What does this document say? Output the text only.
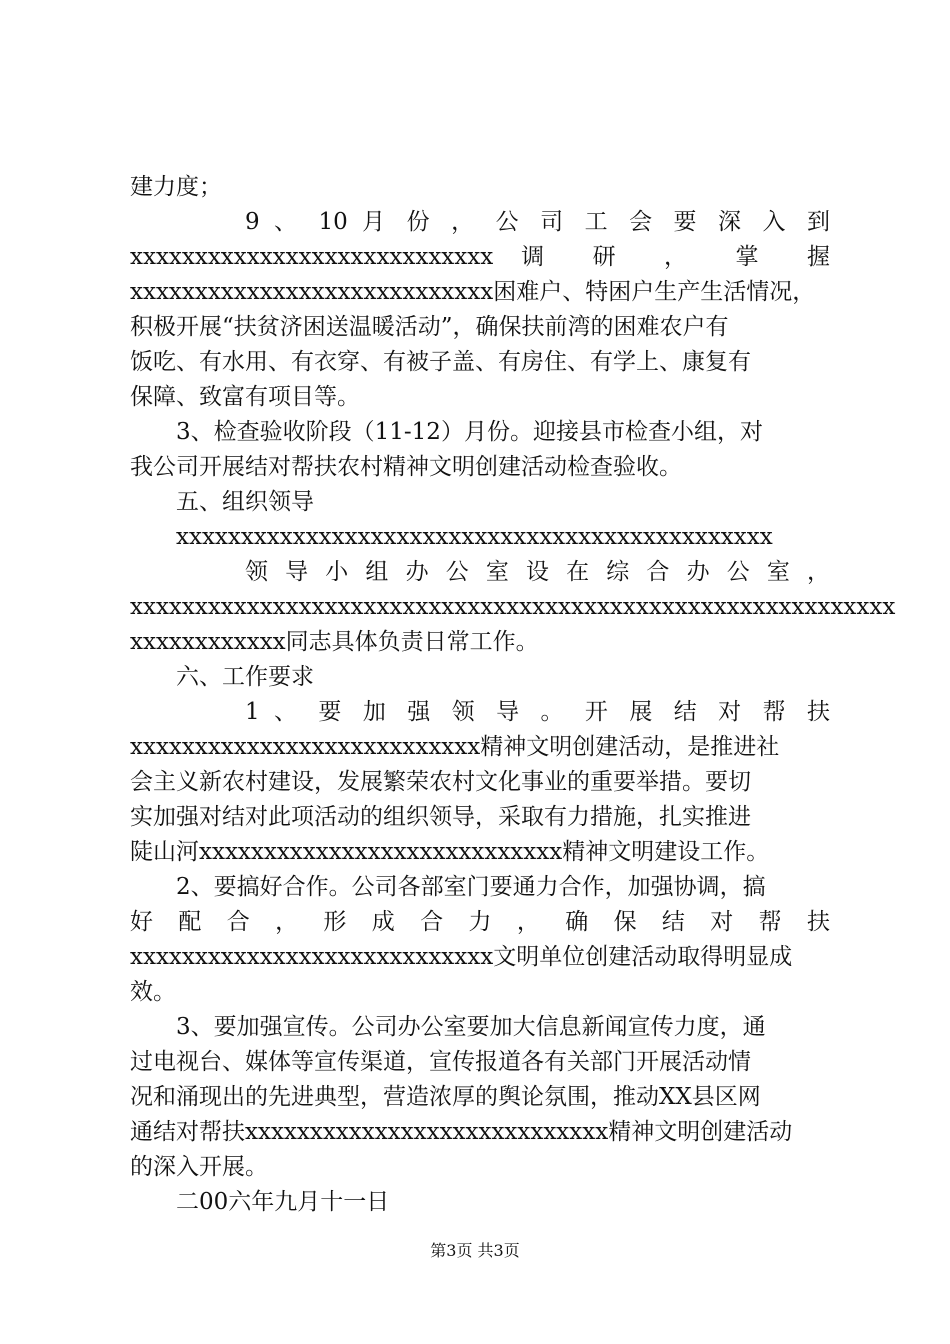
建力度；
9 、 10 月 份 ， 公 司 工 会 要 深 入 到
xxxxxxxxxxxxxxxxxxxxxxxxxxxx 调 研 ， 掌 握
xxxxxxxxxxxxxxxxxxxxxxxxxxxx困难户、特困户生产生活情况，
积极开展“扶贫济困送温暖活动”，确保扶前湾的困难农户有
饭吃、有水用、有衣穿、有被子盖、有房住、有学上、康复有
保障、致富有项目等。
3、检查验收阶段（11-12）月份。迎接县市检查小组，对
我公司开展结对帮扶农村精神文明创建活动检查验收。
五、组织领导
xxxxxxxxxxxxxxxxxxxxxxxxxxxxxxxxxxxxxxxxxxxxxx
领 导 小 组 办 公 室 设 在 综 合 办 公 室 ，
xxxxxxxxxxxxxxxxxxxxxxxxxxxxxxxxxxxxxxxxxxxxxxxxxxxxxxxxxxx
xxxxxxxxxxxx同志具体负责日常工作。
六、工作要求
1 、 要 加 强 领 导 。 开 展 结 对 帮 扶
xxxxxxxxxxxxxxxxxxxxxxxxxxx精神文明创建活动，是推进社
会主义新农村建设，发展繁荣农村文化事业的重要举措。要切
实加强对结对此项活动的组织领导，采取有力措施，扎实推进
陡山河xxxxxxxxxxxxxxxxxxxxxxxxxxxx精神文明建设工作。
2、要搞好合作。公司各部室门要通力合作，加强协调，搞
好 配 合 ， 形 成 合 力 ， 确 保 结 对 帮 扶
xxxxxxxxxxxxxxxxxxxxxxxxxxxx文明单位创建活动取得明显成
效。
3、要加强宣传。公司办公室要加大信息新闻宣传力度，通
过电视台、媒体等宣传渠道，宣传报道各有关部门开展活动情
况和涌现出的先进典型，营造浓厚的舆论氛围，推动XX县区网
通结对帮扶xxxxxxxxxxxxxxxxxxxxxxxxxxxx精神文明创建活动
的深入开展。
二00六年九月十一日
第3页 共3页
